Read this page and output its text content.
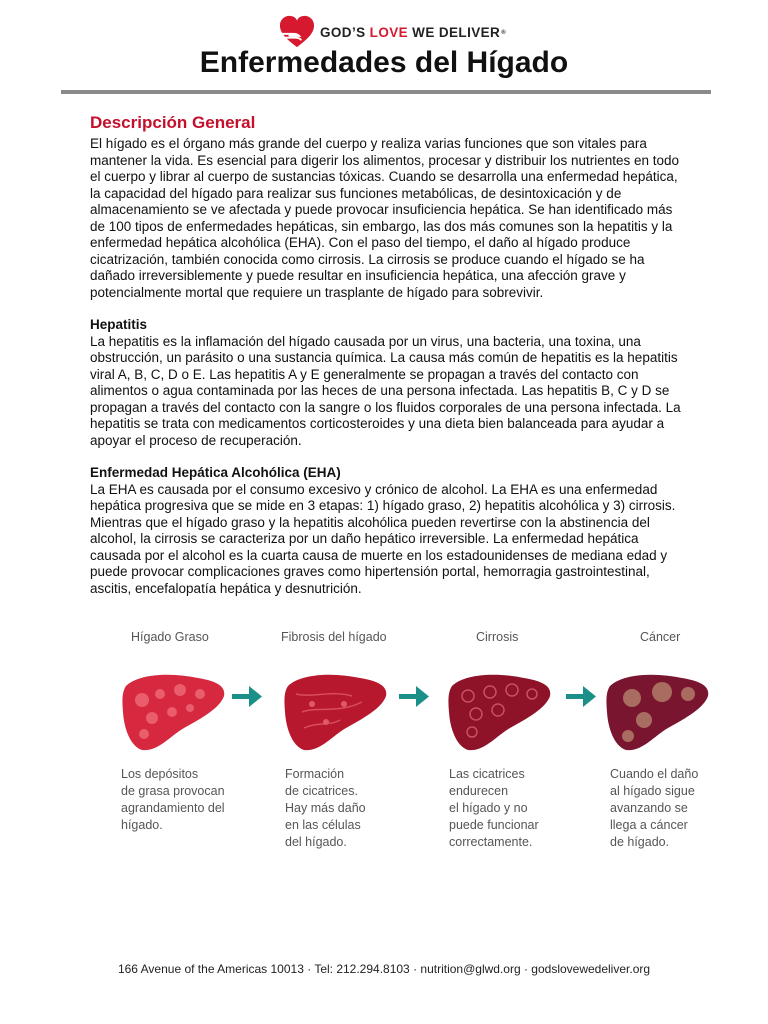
GOD’S LOVE WE DELIVER®
Enfermedades del Hígado
Descripción General

El hígado es el órgano más grande del cuerpo y realiza varias funciones que son vitales para mantener la vida. Es esencial para digerir los alimentos, procesar y distribuir los nutrientes en todo el cuerpo y librar al cuerpo de sustancias tóxicas. Cuando se desarrolla una enfermedad hepática, la capacidad del hígado para realizar sus funciones metabólicas, de desintoxicación y de almacenamiento se ve afectada y puede provocar insuficiencia hepática. Se han identificado más de 100 tipos de enfermedades hepáticas, sin embargo, las dos más comunes son la hepatitis y la enfermedad hepática alcohólica (EHA). Con el paso del tiempo, el daño al hígado produce cicatrización, también conocida como cirrosis. La cirrosis se produce cuando el hígado se ha dañado irreversiblemente y puede resultar en insuficiencia hepática, una afección grave y potencialmente mortal que requiere un trasplante de hígado para sobrevivir.

Hepatitis

La hepatitis es la inflamación del hígado causada por un virus, una bacteria, una toxina, una obstrucción, un parásito o una sustancia química. La causa más común de hepatitis es la hepatitis viral A, B, C, D o E. Las hepatitis A y E generalmente se propagan a través del contacto con alimentos o agua contaminada por las heces de una persona infectada. Las hepatitis B, C y D se propagan a través del contacto con la sangre o los fluidos corporales de una persona infectada. La hepatitis se trata con medicamentos corticosteroides y una dieta bien balanceada para ayudar a apoyar el proceso de recuperación.

Enfermedad Hepática Alcohólica (EHA)

La EHA es causada por el consumo excesivo y crónico de alcohol. La EHA es una enfermedad hepática progresiva que se mide en 3 etapas: 1) hígado graso, 2) hepatitis alcohólica y 3) cirrosis. Mientras que el hígado graso y la hepatitis alcohólica pueden revertirse con la abstinencia del alcohol, la cirrosis se caracteriza por un daño hepático irreversible. La enfermedad hepática causada por el alcohol es la cuarta causa de muerte en los estadounidenses de mediana edad y puede provocar complicaciones graves como hipertensión portal, hemorragia gastrointestinal, ascitis, encefalopatía hepática y desnutrición.

Hígado Graso
Los depósitos
de grasa provocan
agrandamiento del
hígado.
Fibrosis del hígado
Formación
de cicatrices.
Hay más daño
en las células
del hígado.
Cirrosis
Las cicatrices
endurecen
el hígado y no
puede funcionar
correctamente.
Cáncer
Cuando el daño
al hígado sigue
avanzando se
llega a cáncer
de hígado.
166 Avenue of the Americas 10013 · Tel: 212.294.8103 · nutrition@glwd.org · godslovewedeliver.org
